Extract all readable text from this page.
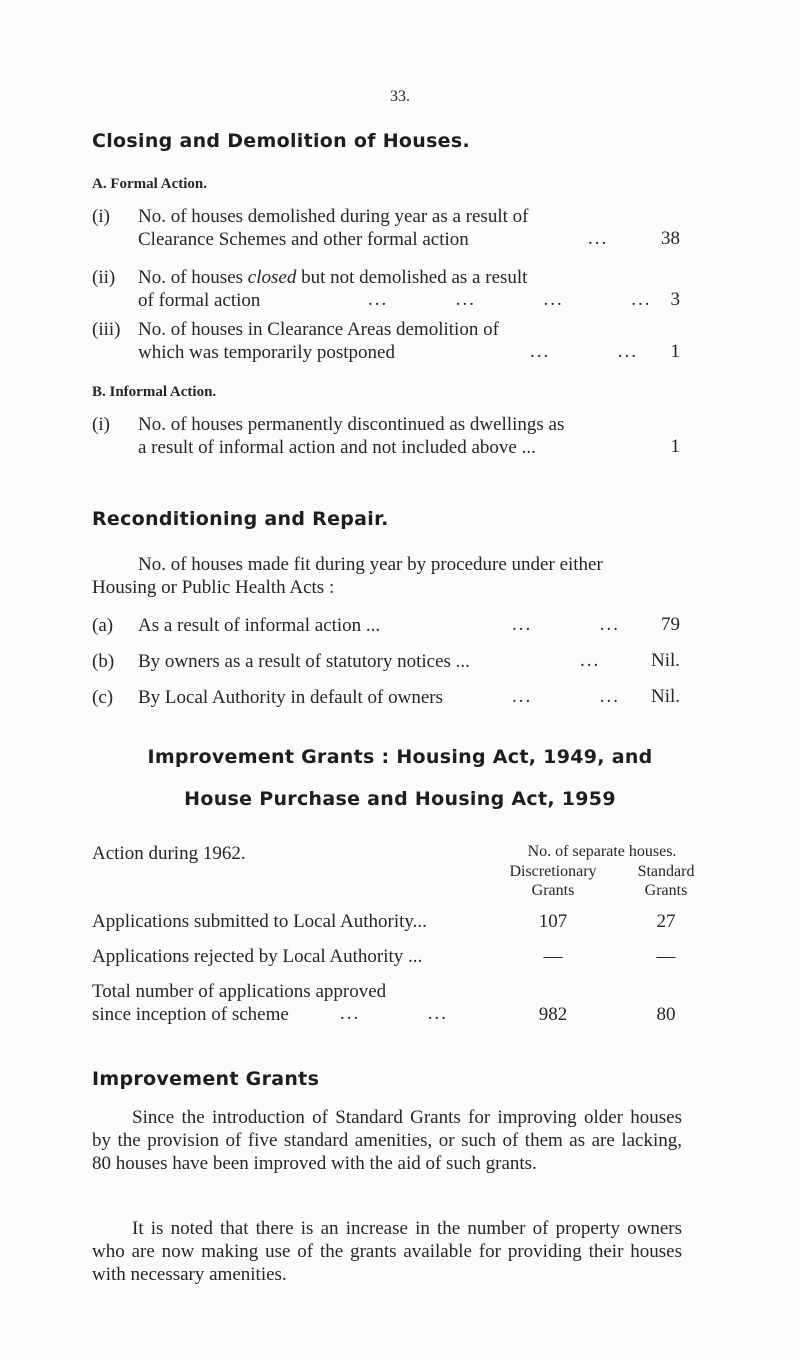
33.
Closing and Demolition of Houses.
A. Formal Action.
(i) No. of houses demolished during year as a result of
Clearance Schemes and other formal action	...	38
(ii) No. of houses closed but not demolished as a result
of formal action	...          ...          ...          ...	3
(iii) No. of houses in Clearance Areas demolition of
which was temporarily postponed	...          ...	1
B. Informal Action.
(i) No. of houses permanently discontinued as dwellings as
a result of informal action and not included above ...	1
Reconditioning and Repair.
No. of houses made fit during year by procedure under either
Housing or Public Health Acts :
(a) As a result of informal action ...	...          ...	79
(b) By owners as a result of statutory notices ...	...	Nil.
(c) By Local Authority in default of owners	...          ...	Nil.
Improvement Grants : Housing Act, 1949, and
House Purchase and Housing Act, 1959
Action during 1962.	No. of separate houses.
Discretionary
Grants
Standard
Grants
Applications submitted to Local Authority...	107	27
Applications rejected by Local Authority ...	—	—
Total number of applications approved
since inception of scheme	...          ...	982	80
Improvement Grants
Since the introduction of Standard Grants for improving older houses by the provision of five standard amenities, or such of them as are lacking, 80 houses have been improved with the aid of such grants.
It is noted that there is an increase in the number of property owners who are now making use of the grants available for providing their houses with necessary amenities.
